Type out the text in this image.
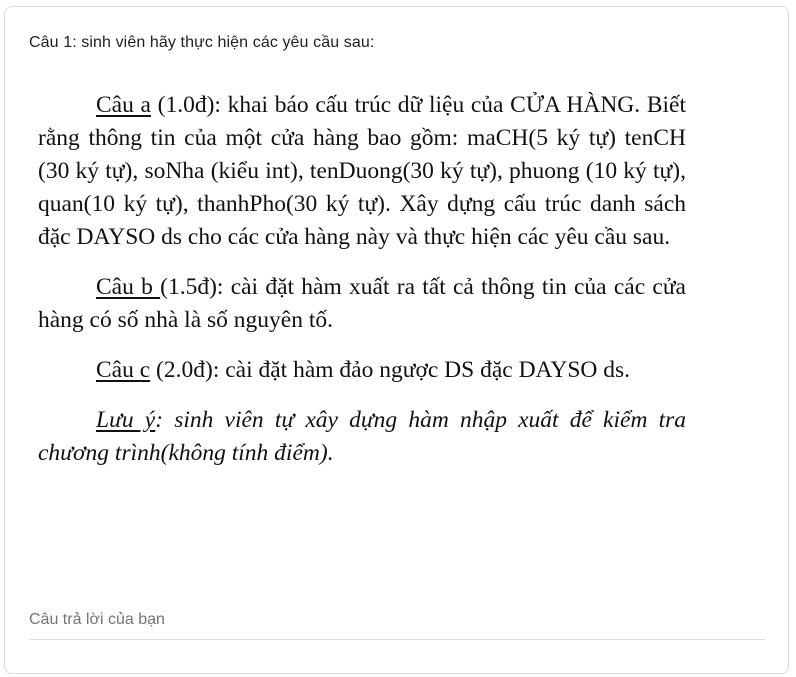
Câu 1: sinh viên hãy thực hiện các yêu cầu sau:

Câu a (1.0đ): khai báo cấu trúc dữ liệu của CỬA HÀNG. Biết rằng thông tin của một cửa hàng bao gồm: maCH(5 ký tự) tenCH (30 ký tự), soNha (kiểu int), tenDuong(30 ký tự), phuong (10 ký tự), quan(10 ký tự), thanhPho(30 ký tự). Xây dựng cấu trúc danh sách đặc DAYSO ds cho các cửa hàng này và thực hiện các yêu cầu sau.

Câu b (1.5đ): cài đặt hàm xuất ra tất cả thông tin của các cửa hàng có số nhà là số nguyên tố.

Câu c (2.0đ): cài đặt hàm đảo ngược DS đặc DAYSO ds.

Lưu ý: sinh viên tự xây dựng hàm nhập xuất để kiểm tra chương trình(không tính điểm).

Câu trả lời của bạn
